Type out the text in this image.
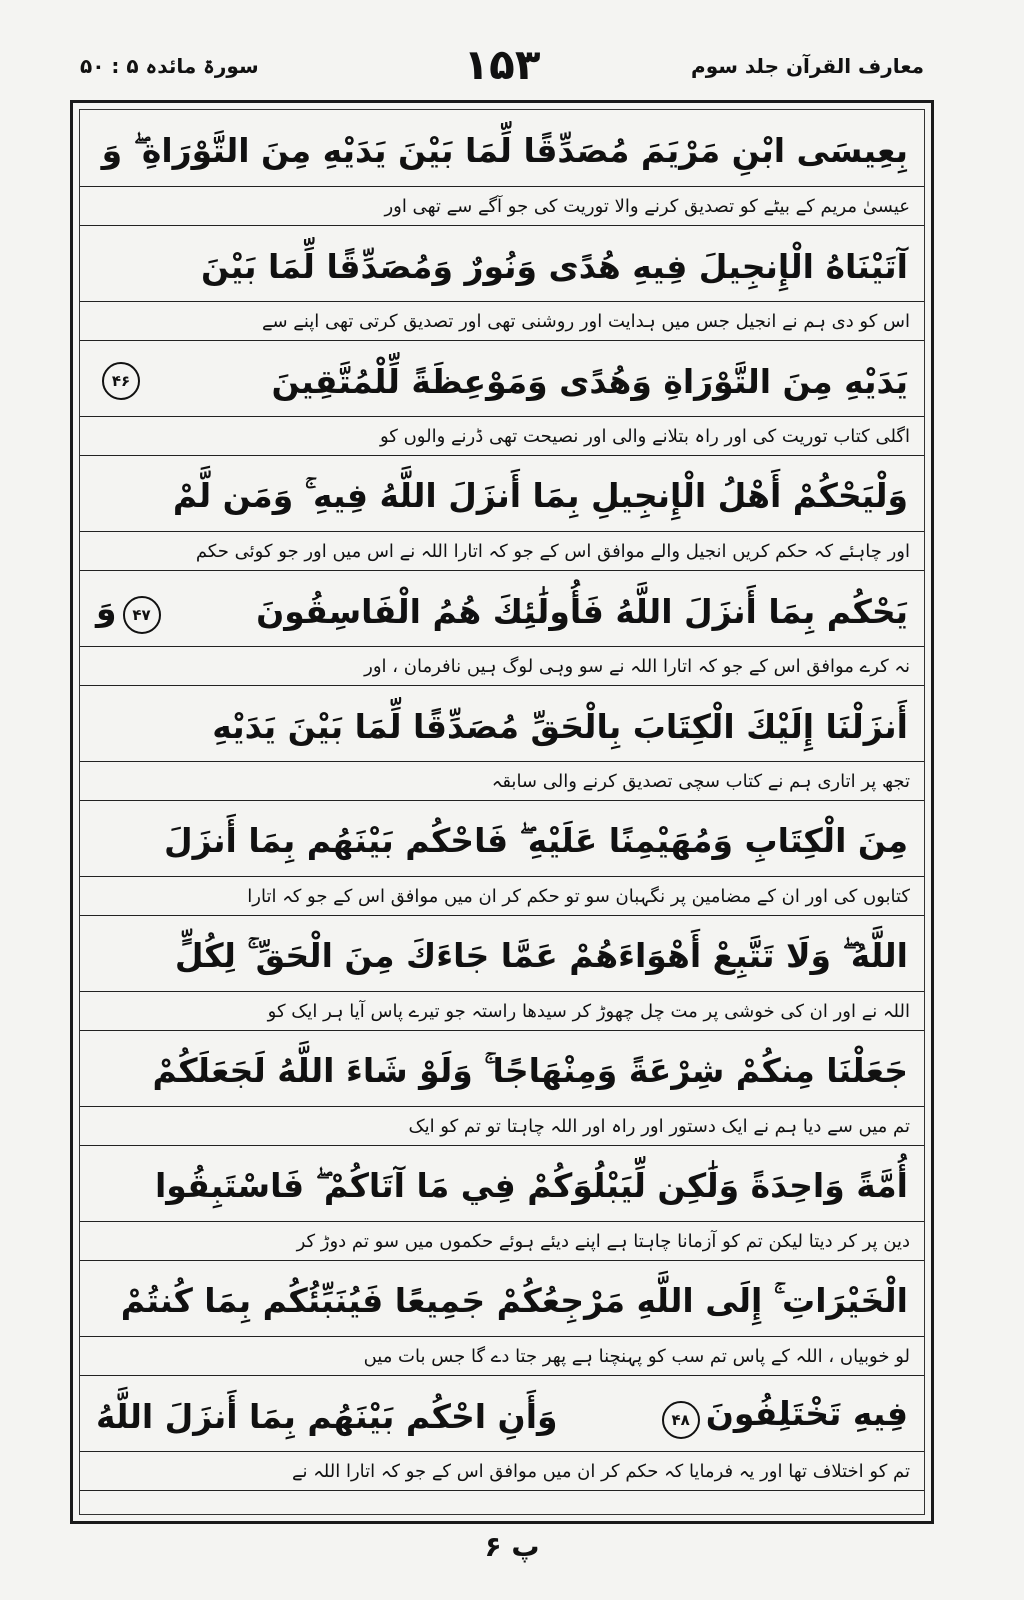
معارف القرآن جلد سوم
۱۵۳
سورۃ مائدہ ۵ : ۵۰
بِعِيسَى ابْنِ مَرْيَمَ مُصَدِّقًا لِّمَا بَيْنَ يَدَيْهِ مِنَ التَّوْرَاةِ ۖ وَ
عیسیٰ مریم کے بیٹے کو تصدیق کرنے والا توریت کی جو آگے سے تھی اور
آتَيْنَاهُ الْإِنجِيلَ فِيهِ هُدًى وَنُورٌ وَمُصَدِّقًا لِّمَا بَيْنَ
اس کو دی ہم نے انجیل جس میں ہدایت اور روشنی تھی اور تصدیق کرتی تھی اپنے سے
يَدَيْهِ مِنَ التَّوْرَاةِ وَهُدًى وَمَوْعِظَةً لِّلْمُتَّقِينَ
۴۶
اگلی کتاب توریت کی اور راہ بتلانے والی اور نصیحت تھی ڈرنے والوں کو
وَلْيَحْكُمْ أَهْلُ الْإِنجِيلِ بِمَا أَنزَلَ اللَّهُ فِيهِ ۚ وَمَن لَّمْ
اور چاہئے کہ حکم کریں انجیل والے موافق اس کے جو کہ اتارا اللہ نے اس میں اور جو کوئی حکم
يَحْكُم بِمَا أَنزَلَ اللَّهُ فَأُولَٰئِكَ هُمُ الْفَاسِقُونَ
۴۷وَ
نہ کرے موافق اس کے جو کہ اتارا اللہ نے سو وہی لوگ ہیں نافرمان ، اور
أَنزَلْنَا إِلَيْكَ الْكِتَابَ بِالْحَقِّ مُصَدِّقًا لِّمَا بَيْنَ يَدَيْهِ
تجھ پر اتاری ہم نے کتاب سچی تصدیق کرنے والی سابقہ
مِنَ الْكِتَابِ وَمُهَيْمِنًا عَلَيْهِ ۖ فَاحْكُم بَيْنَهُم بِمَا أَنزَلَ
کتابوں کی اور ان کے مضامین پر نگہبان سو تو حکم کر ان میں موافق اس کے جو کہ اتارا
اللَّهُ ۖ وَلَا تَتَّبِعْ أَهْوَاءَهُمْ عَمَّا جَاءَكَ مِنَ الْحَقِّ ۚ لِكُلٍّ
اللہ نے اور ان کی خوشی پر مت چل چھوڑ کر سیدھا راستہ جو تیرے پاس آیا ہر ایک کو
جَعَلْنَا مِنكُمْ شِرْعَةً وَمِنْهَاجًا ۚ وَلَوْ شَاءَ اللَّهُ لَجَعَلَكُمْ
تم میں سے دیا ہم نے ایک دستور اور راہ اور اللہ چاہتا تو تم کو ایک
أُمَّةً وَاحِدَةً وَلَٰكِن لِّيَبْلُوَكُمْ فِي مَا آتَاكُمْ ۖ فَاسْتَبِقُوا
دین پر کر دیتا لیکن تم کو آزمانا چاہتا ہے اپنے دیئے ہوئے حکموں میں سو تم دوڑ کر
الْخَيْرَاتِ ۚ إِلَى اللَّهِ مَرْجِعُكُمْ جَمِيعًا فَيُنَبِّئُكُم بِمَا كُنتُمْ
لو خوبیاں ، اللہ کے پاس تم سب کو پہنچنا ہے پھر جتا دے گا جس بات میں
فِيهِ تَخْتَلِفُونَ۴۸
وَأَنِ احْكُم بَيْنَهُم بِمَا أَنزَلَ اللَّهُ
تم کو اختلاف تھا اور یہ فرمایا کہ حکم کر ان میں موافق اس کے جو کہ اتارا اللہ نے
پ ۶
